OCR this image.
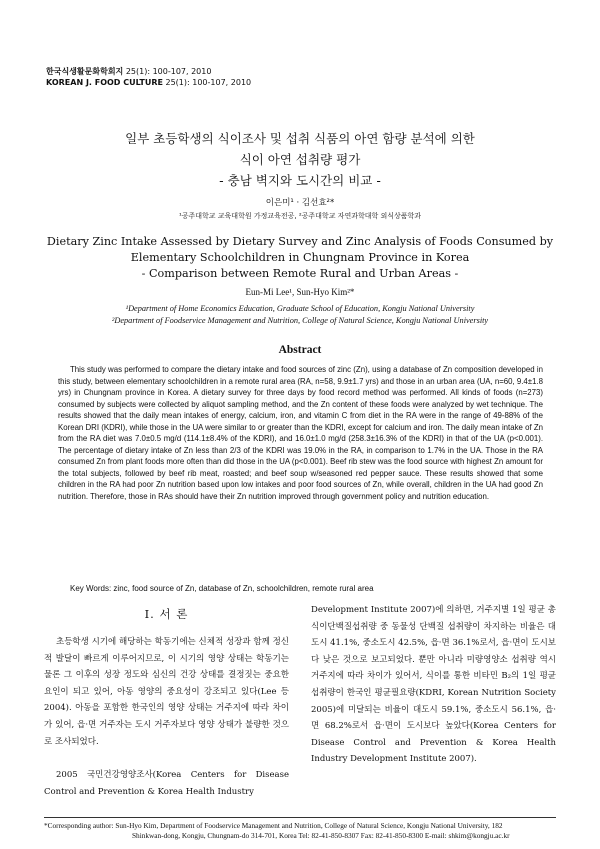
한국식생활문화학회지 25(1): 100-107, 2010
KOREAN J. FOOD CULTURE 25(1): 100-107, 2010
일부 초등학생의 식이조사 및 섭취 식품의 아연 함량 분석에 의한
식이 아연 섭취량 평가
- 충남 벽지와 도시간의 비교 -
이은미¹ · 김선효²*
¹공주대학교 교육대학원 가정교육전공, ²공주대학교 자연과학대학 외식상품학과
Dietary Zinc Intake Assessed by Dietary Survey and Zinc Analysis of Foods Consumed by
Elementary Schoolchildren in Chungnam Province in Korea
- Comparison between Remote Rural and Urban Areas -
Eun-Mi Lee¹, Sun-Hyo Kim²*
¹Department of Home Economics Education, Graduate School of Education, Kongju National University
²Department of Foodservice Management and Nutrition, College of Natural Science, Kongju National University
Abstract

This study was performed to compare the dietary intake and food sources of zinc (Zn), using a database of Zn composition developed in this study, between elementary schoolchildren in a remote rural area (RA, n=58, 9.9±1.7 yrs) and those in an urban area (UA, n=60, 9.4±1.8 yrs) in Chungnam province in Korea. A dietary survey for three days by food record method was performed. All kinds of foods (n=273) consumed by subjects were collected by aliquot sampling method, and the Zn content of these foods were analyzed by wet technique. The results showed that the daily mean intakes of energy, calcium, iron, and vitamin C from diet in the RA were in the range of 49-88% of the Korean DRI (KDRI), while those in the UA were similar to or greater than the KDRI, except for calcium and iron. The daily mean intake of Zn from the RA diet was 7.0±0.5 mg/d (114.1±8.4% of the KDRI), and 16.0±1.0 mg/d (258.3±16.3% of the KDRI) in that of the UA (p<0.001). The percentage of dietary intake of Zn less than 2/3 of the KDRI was 19.0% in the RA, in comparison to 1.7% in the UA. Those in the RA consumed Zn from plant foods more often than did those in the UA (p<0.001). Beef rib stew was the food source with highest Zn amount for the total subjects, followed by beef rib meat, roasted; and beef soup w/seasoned red pepper sauce. These results showed that some children in the RA had poor Zn nutrition based upon low intakes and poor food sources of Zn, while overall, children in the UA had good Zn nutrition. Therefore, those in RAs should have their Zn nutrition improved through government policy and nutrition education.

Key Words: zinc, food source of Zn, database of Zn, schoolchildren, remote rural area
I. 서 론

초등학생 시기에 해당하는 학동기에는 신체적 성장과 함께 정신적 발달이 빠르게 이루어지므로, 이 시기의 영양 상태는 학동기는 물론 그 이후의 성장 정도와 심신의 건강 상태를 결정짓는 중요한 요인이 되고 있어, 아동 영양의 중요성이 강조되고 있다(Lee 등 2004). 아동을 포함한 한국인의 영양 상태는 거주지에 따라 차이가 있어, 읍·면 거주자는 도시 거주자보다 영양 상태가 불량한 것으로 조사되었다.

2005 국민건강영양조사(Korea Centers for Disease Control and Prevention & Korea Health Industry

Development Institute 2007)에 의하면, 거주지별 1일 평균 총식이단백질섭취량 중 동물성 단백질 섭취량이 차지하는 비율은 대도시 41.1%, 중소도시 42.5%, 읍·면 36.1%로서, 읍·면이 도시보다 낮은 것으로 보고되었다. 뿐만 아니라 미량영양소 섭취량 역시 거주지에 따라 차이가 있어서, 식이를 통한 비타민 B₂의 1일 평균 섭취량이 한국인 평균필요량(KDRI, Korean Nutrition Society 2005)에 미달되는 비율이 대도시 59.1%, 중소도시 56.1%, 읍·면 68.2%로서 읍·면이 도시보다 높았다(Korea Centers for Disease Control and Prevention & Korea Health Industry Development Institute 2007).

*Corresponding author: Sun-Hyo Kim, Department of Foodservice Management and Nutrition, College of Natural Science, Kongju National University, 182
Shinkwan-dong, Kongju, Chungnam-do 314-701, Korea Tel: 82-41-850-8307 Fax: 82-41-850-8300 E-mail: shkim@kongju.ac.kr
